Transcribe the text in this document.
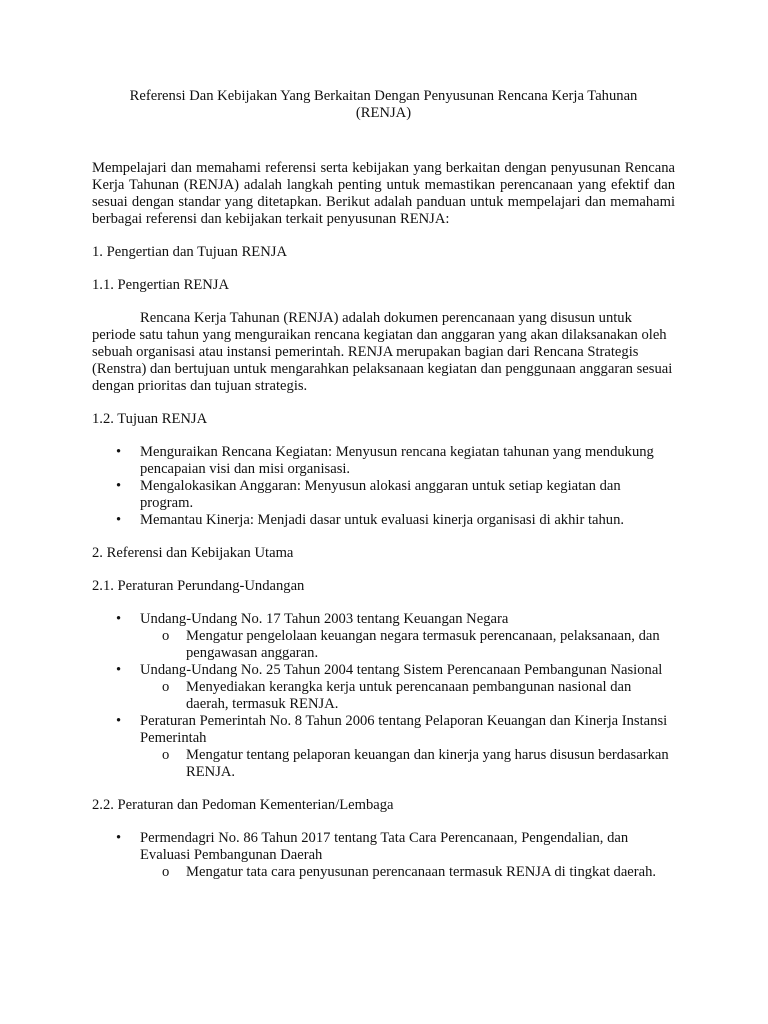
Referensi Dan Kebijakan Yang Berkaitan Dengan Penyusunan Rencana Kerja Tahunan
(RENJA)

Mempelajari dan memahami referensi serta kebijakan yang berkaitan dengan penyusunan Rencana Kerja Tahunan (RENJA) adalah langkah penting untuk memastikan perencanaan yang efektif dan sesuai dengan standar yang ditetapkan. Berikut adalah panduan untuk mempelajari dan memahami berbagai referensi dan kebijakan terkait penyusunan RENJA:

1. Pengertian dan Tujuan RENJA

1.1. Pengertian RENJA

Rencana Kerja Tahunan (RENJA) adalah dokumen perencanaan yang disusun untuk periode satu tahun yang menguraikan rencana kegiatan dan anggaran yang akan dilaksanakan oleh sebuah organisasi atau instansi pemerintah. RENJA merupakan bagian dari Rencana Strategis (Renstra) dan bertujuan untuk mengarahkan pelaksanaan kegiatan dan penggunaan anggaran sesuai dengan prioritas dan tujuan strategis.

1.2. Tujuan RENJA

• Menguraikan Rencana Kegiatan: Menyusun rencana kegiatan tahunan yang mendukung pencapaian visi dan misi organisasi.
• Mengalokasikan Anggaran: Menyusun alokasi anggaran untuk setiap kegiatan dan program.
• Memantau Kinerja: Menjadi dasar untuk evaluasi kinerja organisasi di akhir tahun.

2. Referensi dan Kebijakan Utama

2.1. Peraturan Perundang-Undangan

• Undang-Undang No. 17 Tahun 2003 tentang Keuangan Negara
o Mengatur pengelolaan keuangan negara termasuk perencanaan, pelaksanaan, dan pengawasan anggaran.
• Undang-Undang No. 25 Tahun 2004 tentang Sistem Perencanaan Pembangunan Nasional
o Menyediakan kerangka kerja untuk perencanaan pembangunan nasional dan daerah, termasuk RENJA.
• Peraturan Pemerintah No. 8 Tahun 2006 tentang Pelaporan Keuangan dan Kinerja Instansi Pemerintah
o Mengatur tentang pelaporan keuangan dan kinerja yang harus disusun berdasarkan RENJA.

2.2. Peraturan dan Pedoman Kementerian/Lembaga

• Permendagri No. 86 Tahun 2017 tentang Tata Cara Perencanaan, Pengendalian, dan Evaluasi Pembangunan Daerah
o Mengatur tata cara penyusunan perencanaan termasuk RENJA di tingkat daerah.
